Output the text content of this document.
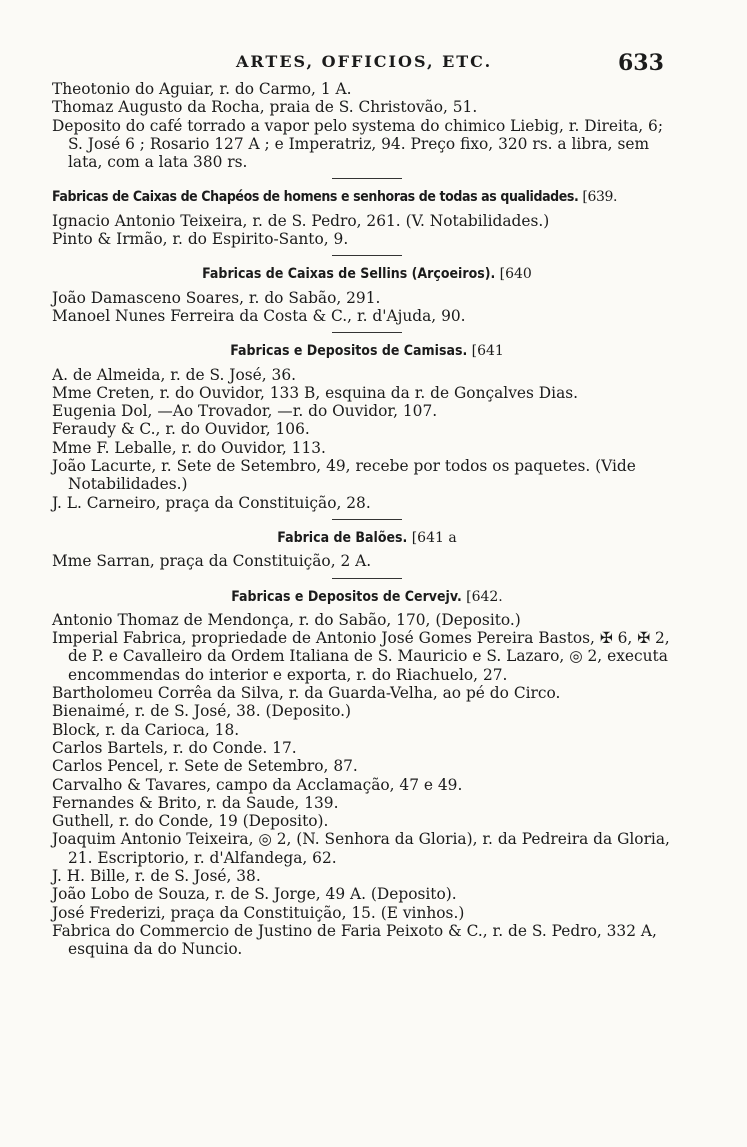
ARTES, OFFICIOS, ETC.	633

Theotonio do Aguiar, r. do Carmo, 1 A.

Thomaz Augusto da Rocha, praia de S. Christovão, 51.

Deposito do café torrado a vapor pelo systema do chimico Liebig, r. Direita, 6; S. José 6 ; Rosario 127 A ; e Imperatriz, 94. Preço fixo, 320 rs. a libra, sem lata, com a lata 380 rs.

Fabricas de Caixas de Chapéos de homens e senhoras de todas as qualidades. [639.

Ignacio Antonio Teixeira, r. de S. Pedro, 261. (V. Notabilidades.)

Pinto & Irmão, r. do Espirito-Santo, 9.

Fabricas de Caixas de Sellins (Arçoeiros). [640

João Damasceno Soares, r. do Sabão, 291.

Manoel Nunes Ferreira da Costa & C., r. d'Ajuda, 90.

Fabricas e Depositos de Camisas. [641

A. de Almeida, r. de S. José, 36.

Mme Creten, r. do Ouvidor, 133 B, esquina da r. de Gonçalves Dias.

Eugenia Dol, —Ao Trovador, —r. do Ouvidor, 107.

Feraudy & C., r. do Ouvidor, 106.

Mme F. Leballe, r. do Ouvidor, 113.

João Lacurte, r. Sete de Setembro, 49, recebe por todos os paquetes. (Vide Notabilidades.)

J. L. Carneiro, praça da Constituição, 28.

Fabrica de Balões. [641 a

Mme Sarran, praça da Constituição, 2 A.

Fabricas e Depositos de Cervejv. [642.

Antonio Thomaz de Mendonça, r. do Sabão, 170, (Deposito.)

Imperial Fabrica, propriedade de Antonio José Gomes Pereira Bastos, ✠ 6, ✠ 2, de P. e Cavalleiro da Ordem Italiana de S. Mauricio e S. Lazaro, ◎ 2, executa encommendas do interior e exporta, r. do Riachuelo, 27.

Bartholomeu Corrêa da Silva, r. da Guarda-Velha, ao pé do Circo.

Bienaimé, r. de S. José, 38. (Deposito.)

Block, r. da Carioca, 18.

Carlos Bartels, r. do Conde. 17.

Carlos Pencel, r. Sete de Setembro, 87.

Carvalho & Tavares, campo da Acclamação, 47 e 49.

Fernandes & Brito, r. da Saude, 139.

Guthell, r. do Conde, 19 (Deposito).

Joaquim Antonio Teixeira, ◎ 2, (N. Senhora da Gloria), r. da Pedreira da Gloria, 21. Escriptorio, r. d'Alfandega, 62.

J. H. Bille, r. de S. José, 38.

João Lobo de Souza, r. de S. Jorge, 49 A. (Deposito).

José Frederizi, praça da Constituição, 15. (E vinhos.)

Fabrica do Commercio de Justino de Faria Peixoto & C., r. de S. Pedro, 332 A, esquina da do Nuncio.
